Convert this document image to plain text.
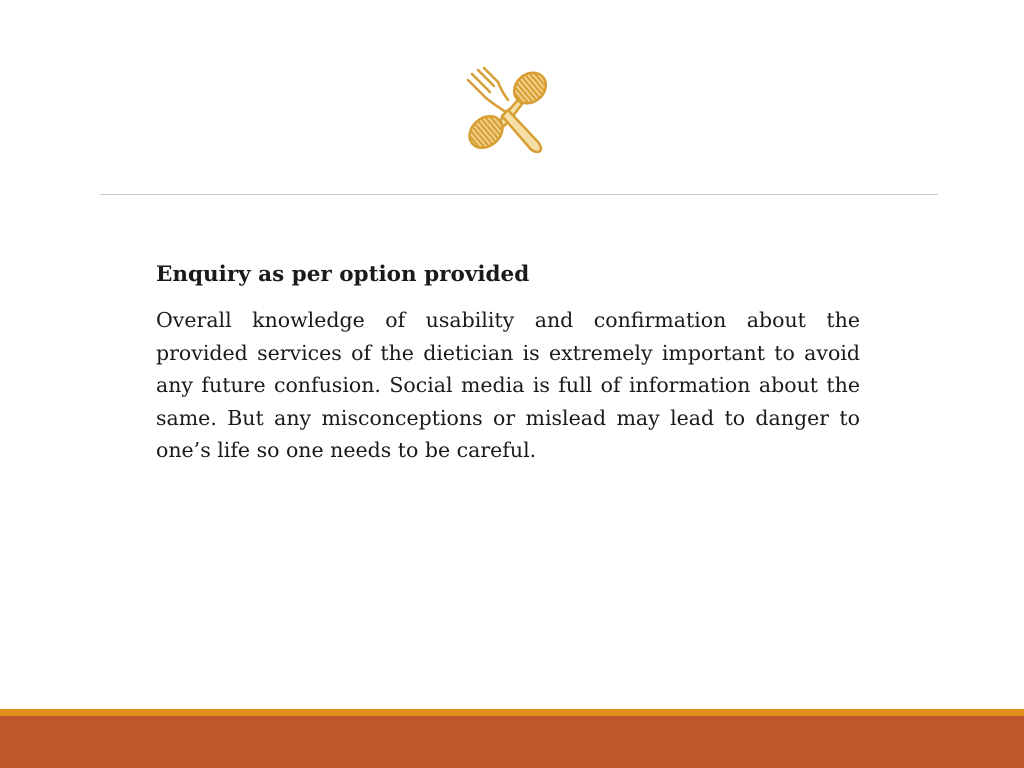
Enquiry as per option provided

Overall knowledge of usability and confirmation about the provided services of the dietician is extremely important to avoid any future confusion. Social media is full of information about the same. But any misconceptions or mislead may lead to danger to one’s life so one needs to be careful.
